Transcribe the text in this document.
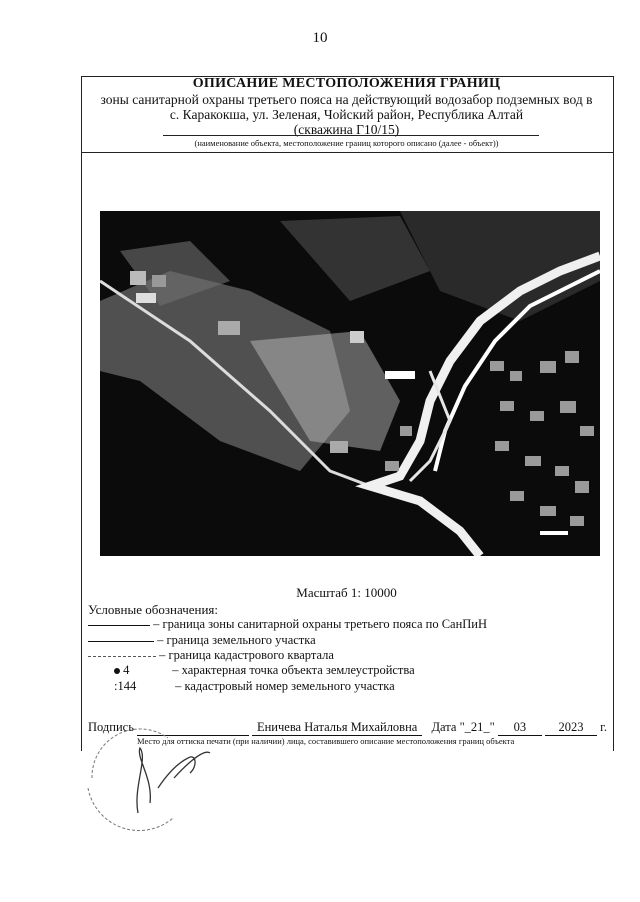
10
ОПИСАНИЕ МЕСТОПОЛОЖЕНИЯ ГРАНИЦ
зоны санитарной охраны третьего пояса на действующий водозабор подземных вод в
с. Каракокша, ул. Зеленая, Чойский район, Республика Алтай
(скважина Г10/15)
(наименование объекта, местоположение границ которого описано (далее - объект))
Масштаб 1: 10000
Условные обозначения:
– граница зоны санитарной охраны третьего пояса по СанПиН
– граница земельного участка
– граница кадастрового квартала
4	– характерная точка объекта землеустройства
:144	– кадастровый номер земельного участка
Подпись	Еничева Наталья Михайловна Дата "_21_" 03	2023 г.
Место для оттиска печати (при наличии) лица, составившего описание местоположения границ объекта
